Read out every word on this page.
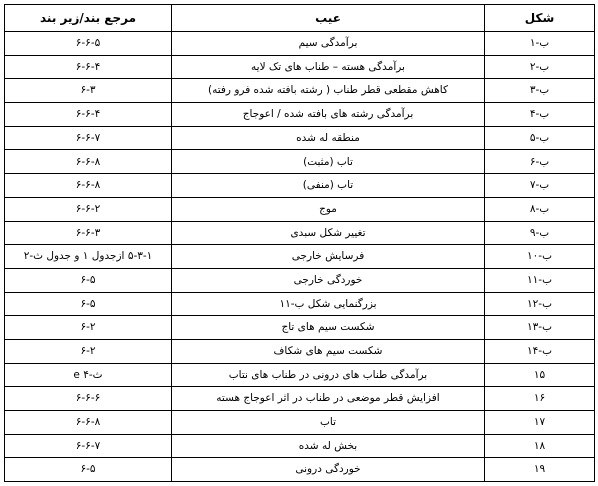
شکل	عیب	مرجع بند/زیر بند
ب-۱	برآمدگی سیم	۶-۶-۵
ب-۲	برآمدگی هسته – طناب های تک لایه	۶-۶-۴
ب-۳	کاهش مقطعی قطر طناب ( رشته بافته شده فرو رفته)	۶-۳
ب-۴	برآمدگی رشته های بافته شده / اعوجاج	۶-۶-۴
ب-۵	منطقه له شده	۶-۶-۷
ب-۶	تاب (مثبت)	۶-۶-۸
ب-۷	تاب (منفی)	۶-۶-۸
ب-۸	موج	۶-۶-۲
ب-۹	تغییر شکل سبدی	۶-۶-۳
ب-۱۰	فرسایش خارجی	۵-۳-۱ ازجدول ۱ و جدول ث-۲
ب-۱۱	خوردگی خارجی	۶-۵
ب-۱۲	بزرگنمایی شکل ب-۱۱	۶-۵
ب-۱۳	شکست سیم های تاج	۶-۲
ب-۱۴	شکست سیم های شکاف	۶-۲
۱۵	برآمدگی طناب های درونی در طناب های نتاب	ث-۴ e
۱۶	افزایش قطر موضعی در طناب در اثر اعوجاج هسته	۶-۶-۶
۱۷	تاب	۶-۶-۸
۱۸	بخش له شده	۶-۶-۷
۱۹	خوردگی درونی	۶-۵
